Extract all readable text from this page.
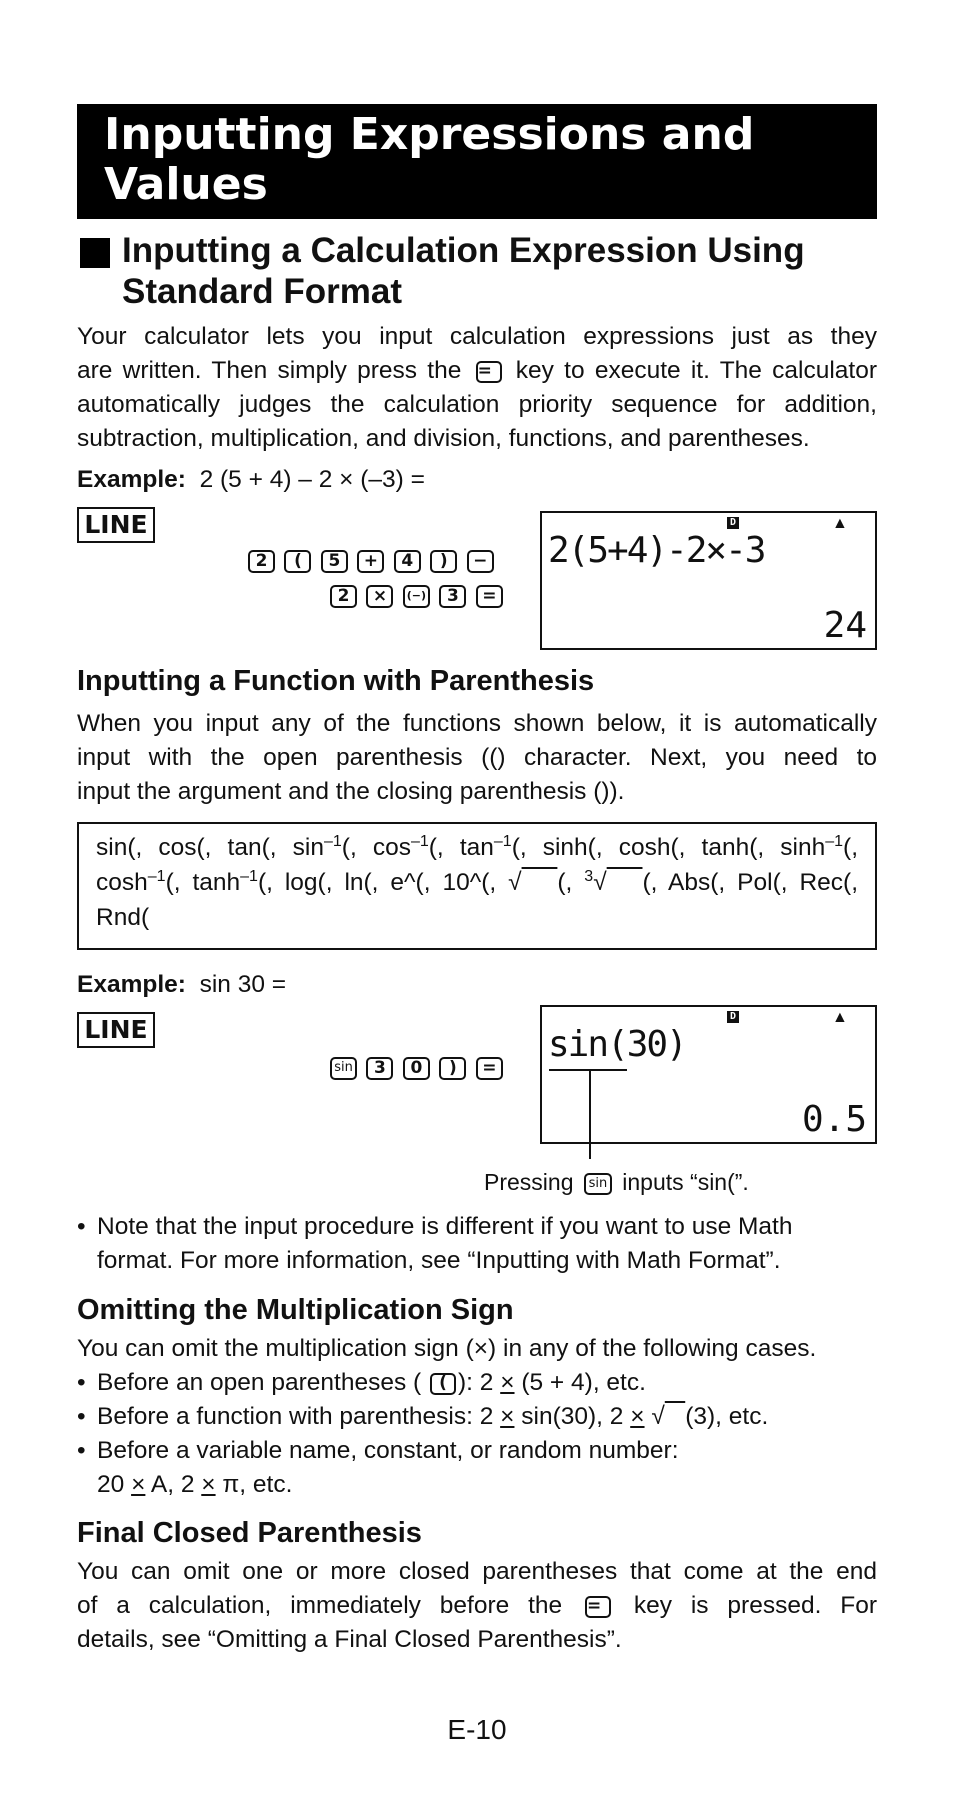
Inputting Expressions and
Values
Inputting a Calculation Expression Using
Standard Format
Your calculator lets you input calculation expressions just as they
are written. Then simply press the = key to execute it. The calculator
automatically judges the calculation priority sequence for addition,
subtraction, multiplication, and division, functions, and parentheses.
Example: 2 (5 + 4) – 2 × (–3) =
LINE
2 ( 5 + 4 ) −
2 × (−) 3 =
D	▲
2(5+4)-2×-3
24
Inputting a Function with Parenthesis
When you input any of the functions shown below, it is automatically
input with the open parenthesis (() character. Next, you need to
input the argument and the closing parenthesis ()).
sin(, cos(, tan(, $\sin^{-1}$(, $\cos^{-1}$(, $\tan^{-1}$(, sinh(, cosh(, tanh(, $\sinh^{-1}$(,
$\cosh^{-1}$(, $\tanh^{-1}$(, log(, ln(, e^(, 10^(, √ (, $^3$√ (, Abs(, Pol(, Rec(,
Rnd(
Example: sin 30 =
LINE
sin 3 0 ) =
D	▲
sin(30)
0.5
Pressing sin inputs “sin(”.
• Note that the input procedure is different if you want to use Math
format. For more information, see “Inputting with Math Format”.
Omitting the Multiplication Sign
You can omit the multiplication sign (×) in any of the following cases.
• Before an open parentheses ( ( ): 2 × (5 + 4), etc.
• Before a function with parenthesis: 2 × sin(30), 2 × √ (3), etc.
• Before a variable name, constant, or random number:
20 × A, 2 × π, etc.
Final Closed Parenthesis
You can omit one or more closed parentheses that come at the end
of a calculation, immediately before the = key is pressed. For
details, see “Omitting a Final Closed Parenthesis”.
E-10
